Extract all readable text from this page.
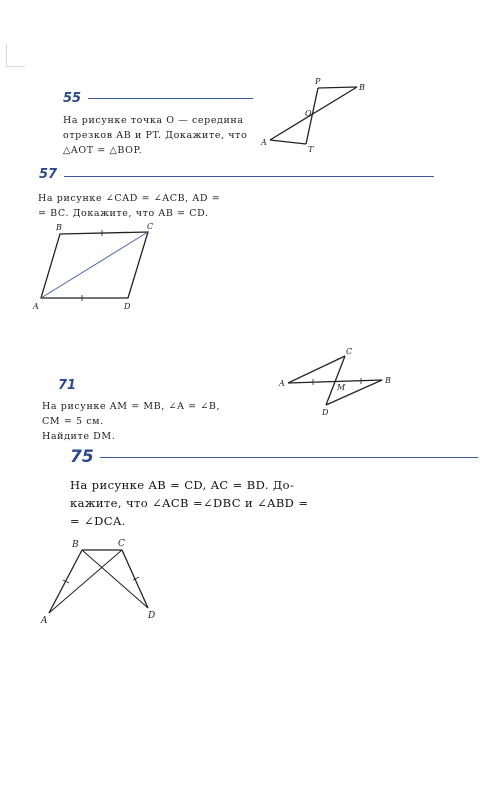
55
На рисунке точка O — середина
отрезков AB и PT. Докажите, что
△AOT = △BOP.
P
B
O
A
T
57
На рисунке ∠CAD = ∠ACB, AD =
= BC. Докажите, что AB = CD.
B	C
A	D
C
A	M
B
D
71
На рисунке AM = MB, ∠A = ∠B,
CM = 5 см.
Найдите DM.
75
На рисунке AB = CD, AC = BD. До-
кажите, что ∠ACB =∠DBC и ∠ABD =
= ∠DCA.
B	C
A	D
